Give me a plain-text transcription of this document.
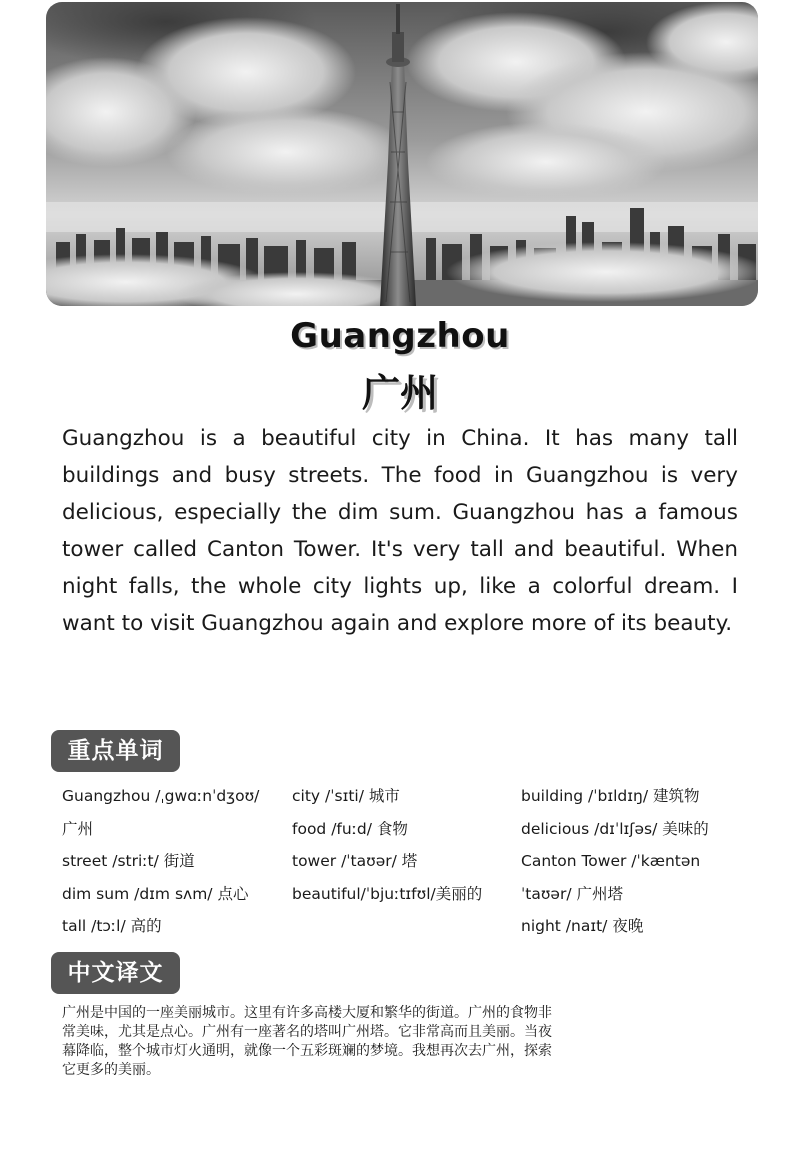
Guangzhou
广州

Guangzhou is a beautiful city in China. It has many tall buildings and busy streets. The food in Guangzhou is very delicious, especially the dim sum. Guangzhou has a famous tower called Canton Tower. It's very tall and beautiful. When night falls, the whole city lights up, like a colorful dream. I want to visit Guangzhou again and explore more of its beauty.

重点单词
Guangzhou /ˌgwɑːnˈdʒoʊ/
广州
street /striːt/ 街道
dim sum /dɪm sʌm/ 点心
tall /tɔːl/ 高的
city /ˈsɪti/ 城市
food /fuːd/ 食物
tower /ˈtaʊər/ 塔
beautiful/ˈbjuːtɪfʊl/美丽的
building /ˈbɪldɪŋ/ 建筑物
delicious /dɪˈlɪʃəs/ 美味的
Canton Tower /ˈkæntən
ˈtaʊər/ 广州塔
night /naɪt/ 夜晚
中文译文
广州是中国的一座美丽城市。这里有许多高楼大厦和繁华的街道。广州的食物非
常美味，尤其是点心。广州有一座著名的塔叫广州塔。它非常高而且美丽。当夜
幕降临，整个城市灯火通明，就像一个五彩斑斓的梦境。我想再次去广州，探索
它更多的美丽。
